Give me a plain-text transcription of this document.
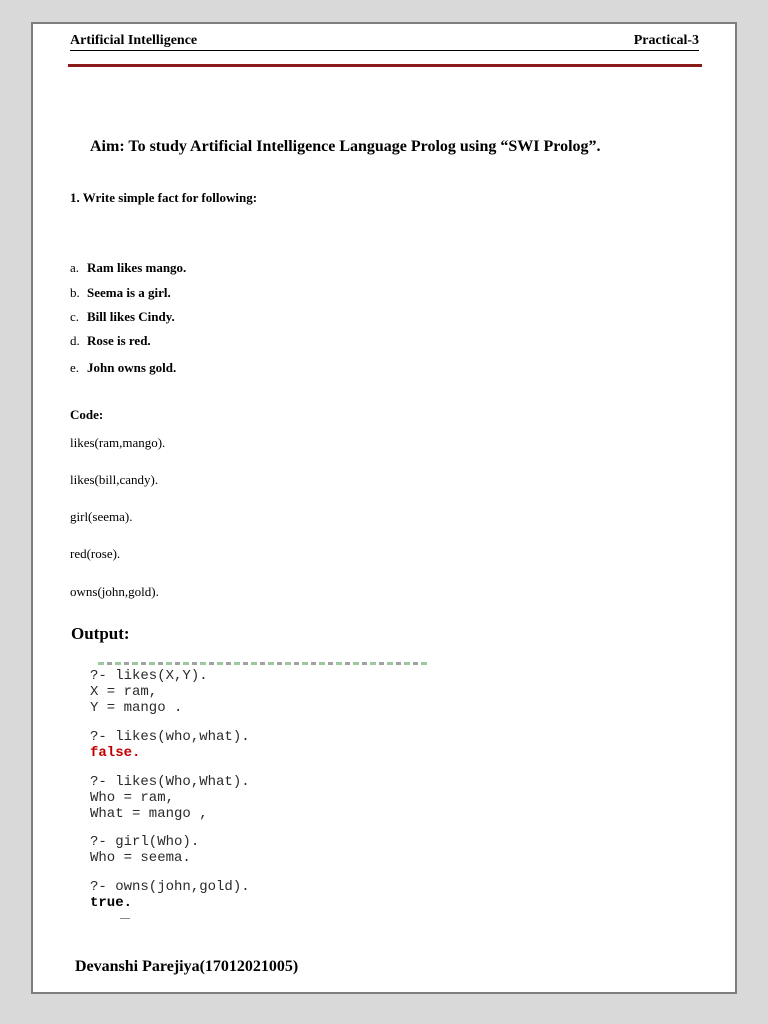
Artificial Intelligence	Practical-3
Aim: To study Artificial Intelligence Language Prolog using “SWI Prolog”.
1. Write simple fact for following:
a. Ram likes mango.
b. Seema is a girl.
c. Bill likes Cindy.
d. Rose is red.
e. John owns gold.
Code:
likes(ram,mango).
likes(bill,candy).
girl(seema).
red(rose).
owns(john,gold).
Output:
?- likes(X,Y).
X = ram,
Y = mango .
?- likes(who,what).
false.
?- likes(Who,What).
Who = ram,
What = mango ,
?- girl(Who).
Who = seema.
?- owns(john,gold).
true.
Devanshi Parejiya(17012021005)
